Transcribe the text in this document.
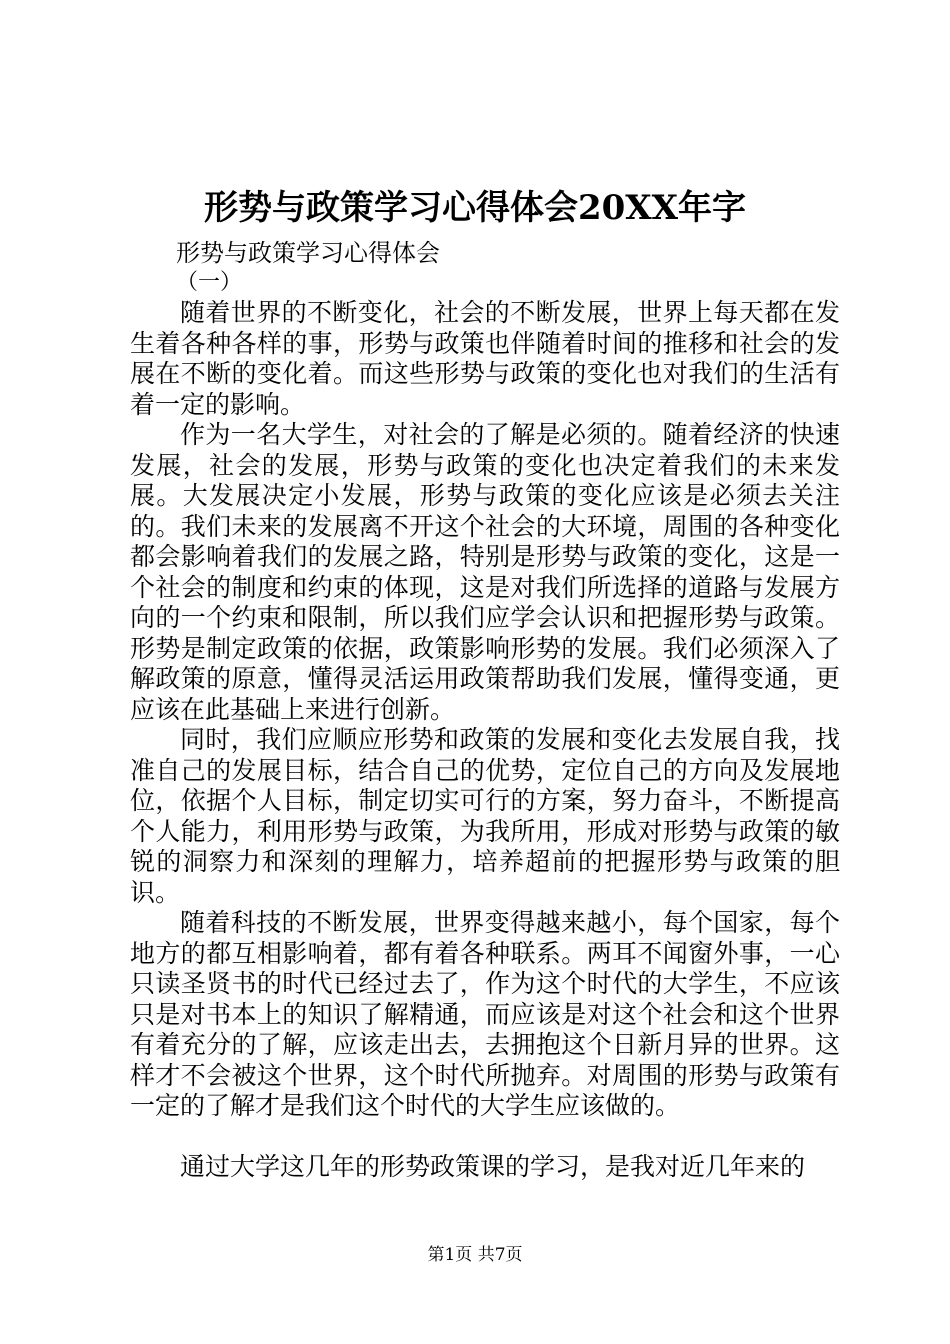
形势与政策学习心得体会20XX年字

形势与政策学习心得体会

（一）

随着世界的不断变化，社会的不断发展，世界上每天都在发生着各种各样的事，形势与政策也伴随着时间的推移和社会的发展在不断的变化着。而这些形势与政策的变化也对我们的生活有着一定的影响。

作为一名大学生，对社会的了解是必须的。随着经济的快速发展，社会的发展，形势与政策的变化也决定着我们的未来发展。大发展决定小发展，形势与政策的变化应该是必须去关注的。我们未来的发展离不开这个社会的大环境，周围的各种变化都会影响着我们的发展之路，特别是形势与政策的变化，这是一个社会的制度和约束的体现，这是对我们所选择的道路与发展方向的一个约束和限制，所以我们应学会认识和把握形势与政策。形势是制定政策的依据，政策影响形势的发展。我们必须深入了解政策的原意，懂得灵活运用政策帮助我们发展，懂得变通，更应该在此基础上来进行创新。

同时，我们应顺应形势和政策的发展和变化去发展自我，找准自己的发展目标，结合自己的优势，定位自己的方向及发展地位，依据个人目标，制定切实可行的方案，努力奋斗，不断提高个人能力，利用形势与政策，为我所用，形成对形势与政策的敏锐的洞察力和深刻的理解力，培养超前的把握形势与政策的胆识。

随着科技的不断发展，世界变得越来越小，每个国家，每个地方的都互相影响着，都有着各种联系。两耳不闻窗外事，一心只读圣贤书的时代已经过去了，作为这个时代的大学生，不应该只是对书本上的知识了解精通，而应该是对这个社会和这个世界有着充分的了解，应该走出去，去拥抱这个日新月异的世界。这样才不会被这个世界，这个时代所抛弃。对周围的形势与政策有一定的了解才是我们这个时代的大学生应该做的。

通过大学这几年的形势政策课的学习，是我对近几年来的

第1页 共7页
